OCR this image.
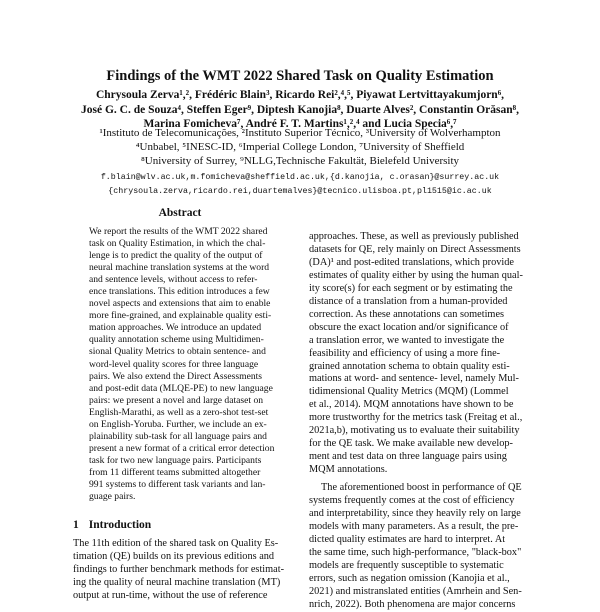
Findings of the WMT 2022 Shared Task on Quality Estimation
Chrysoula Zerva¹,², Frédéric Blain³, Ricardo Rei²,⁴,⁵, Piyawat Lertvittayakumjorn⁶,
José G. C. de Souza⁴, Steffen Eger⁹, Diptesh Kanojia⁸, Duarte Alves², Constantin Orăsan⁸,
Marina Fomicheva⁷, André F. T. Martins¹,²,⁴ and Lucia Specia⁶,⁷
¹Instituto de Telecomunicações, ²Instituto Superior Técnico, ³University of Wolverhampton
⁴Unbabel, ⁵INESC-ID, ⁶Imperial College London, ⁷University of Sheffield
⁸University of Surrey, ⁹NLLG,Technische Fakultät, Bielefeld University
f.blain@wlv.ac.uk,m.fomicheva@sheffield.ac.uk,{d.kanojia, c.orasan}@surrey.ac.uk
{chrysoula.zerva,ricardo.rei,duartemalves}@tecnico.ulisboa.pt,pl1515@ic.ac.uk
Abstract
We report the results of the WMT 2022 shared
task on Quality Estimation, in which the chal-
lenge is to predict the quality of the output of
neural machine translation systems at the word
and sentence levels, without access to refer-
ence translations. This edition introduces a few
novel aspects and extensions that aim to enable
more fine-grained, and explainable quality esti-
mation approaches. We introduce an updated
quality annotation scheme using Multidimen-
sional Quality Metrics to obtain sentence- and
word-level quality scores for three language
pairs. We also extend the Direct Assessments
and post-edit data (MLQE-PE) to new language
pairs: we present a novel and large dataset on
English-Marathi, as well as a zero-shot test-set
on English-Yoruba. Further, we include an ex-
plainability sub-task for all language pairs and
present a new format of a critical error detection
task for two new language pairs. Participants
from 11 different teams submitted altogether
991 systems to different task variants and lan-
guage pairs.
1 Introduction
The 11th edition of the shared task on Quality Es-
timation (QE) builds on its previous editions and
findings to further benchmark methods for estimat-
ing the quality of neural machine translation (MT)
output at run-time, without the use of reference
approaches. These, as well as previously published
datasets for QE, rely mainly on Direct Assessments
(DA)¹ and post-edited translations, which provide
estimates of quality either by using the human qual-
ity score(s) for each segment or by estimating the
distance of a translation from a human-provided
correction. As these annotations can sometimes
obscure the exact location and/or significance of
a translation error, we wanted to investigate the
feasibility and efficiency of using a more fine-
grained annotation schema to obtain quality esti-
mations at word- and sentence- level, namely Mul-
tidimensional Quality Metrics (MQM) (Lommel
et al., 2014). MQM annotations have shown to be
more trustworthy for the metrics task (Freitag et al.,
2021a,b), motivating us to evaluate their suitability
for the QE task. We make available new develop-
ment and test data on three language pairs using
MQM annotations.
The aforementioned boost in performance of QE
systems frequently comes at the cost of efficiency
and interpretability, since they heavily rely on large
models with many parameters. As a result, the pre-
dicted quality estimates are hard to interpret. At
the same time, such high-performance, "black-box"
models are frequently susceptible to systematic
errors, such as negation omission (Kanojia et al.,
2021) and mistranslated entities (Amrhein and Sen-
nrich, 2022). Both phenomena are major concerns
